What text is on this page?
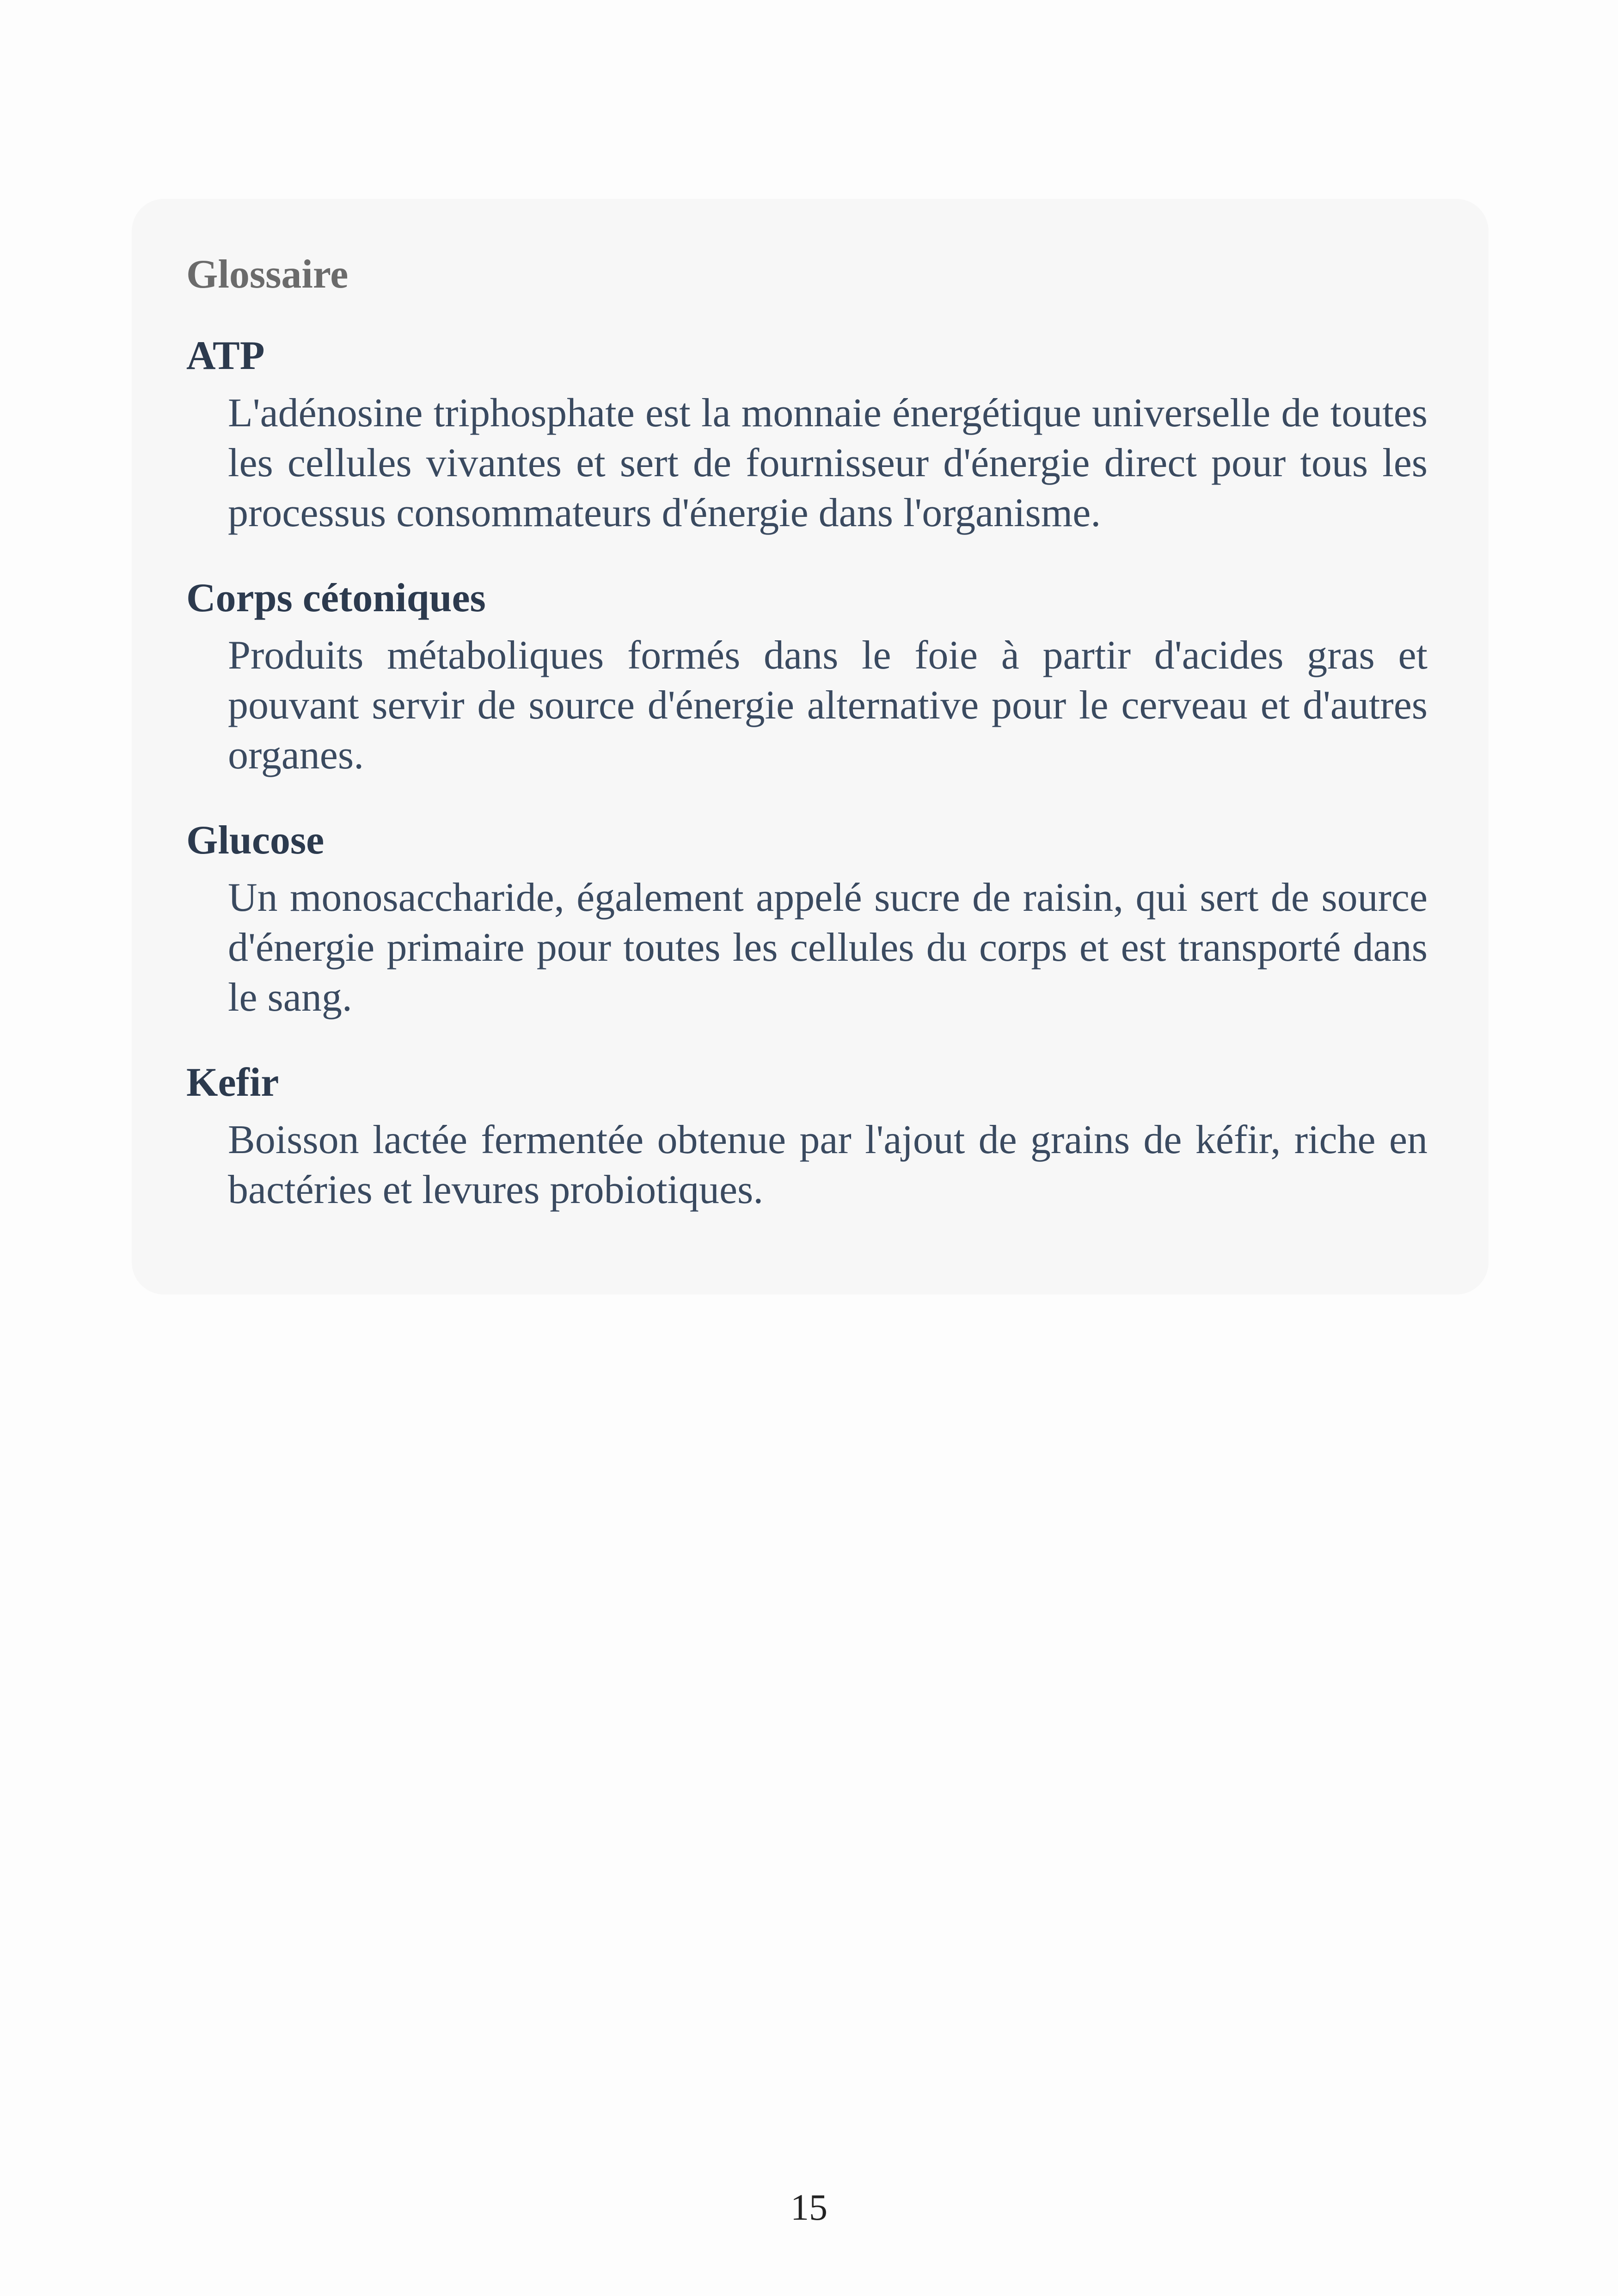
Glossaire
ATP
L'adénosine triphosphate est la monnaie énergétique universelle de toutes les cellules vivantes et sert de fournisseur d'énergie direct pour tous les processus consommateurs d'énergie dans l'organisme.
Corps cétoniques
Produits métaboliques formés dans le foie à partir d'acides gras et pouvant servir de source d'énergie alternative pour le cerveau et d'autres organes.
Glucose
Un monosaccharide, également appelé sucre de raisin, qui sert de source d'énergie primaire pour toutes les cellules du corps et est transporté dans le sang.
Kefir
Boisson lactée fermentée obtenue par l'ajout de grains de kéfir, riche en bactéries et levures probiotiques.
15
